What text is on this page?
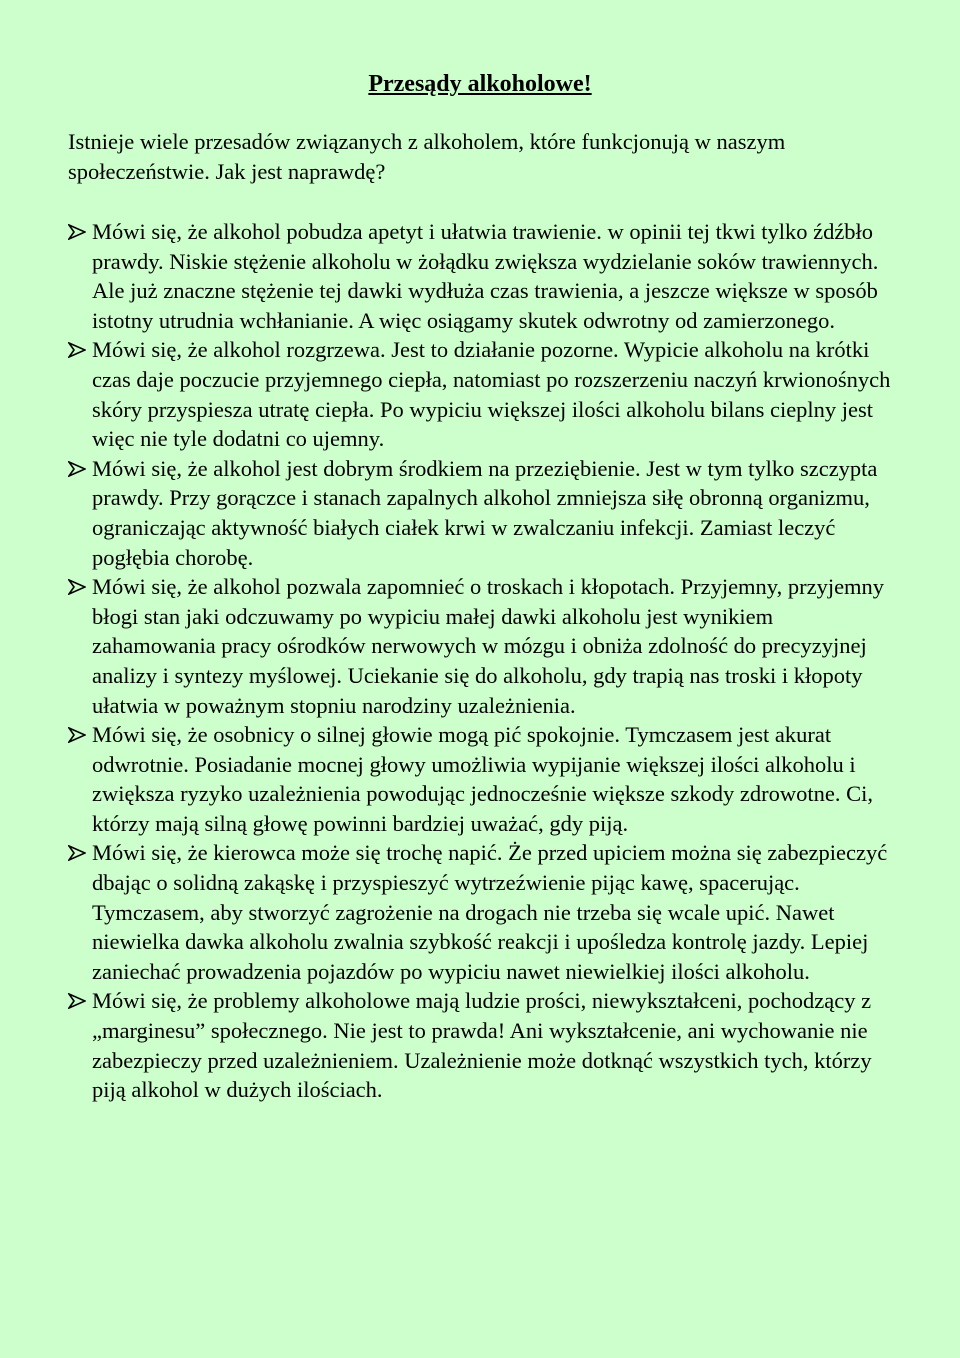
Przesądy alkoholowe!

Istnieje wiele przesadów związanych z alkoholem, które funkcjonują w naszym społeczeństwie. Jak jest naprawdę?

Mówi się, że alkohol pobudza apetyt i ułatwia trawienie. w opinii tej tkwi tylko źdźbło prawdy. Niskie stężenie alkoholu w żołądku zwiększa wydzielanie soków trawiennych. Ale już znaczne stężenie tej dawki wydłuża czas trawienia, a jeszcze większe w sposób istotny utrudnia wchłanianie. A więc osiągamy skutek odwrotny od zamierzonego.
Mówi się, że alkohol rozgrzewa. Jest to działanie pozorne. Wypicie alkoholu na krótki czas daje poczucie przyjemnego ciepła, natomiast po rozszerzeniu naczyń krwionośnych skóry przyspiesza utratę ciepła. Po wypiciu większej ilości alkoholu bilans cieplny jest więc nie tyle dodatni co ujemny.
Mówi się, że alkohol jest dobrym środkiem na przeziębienie. Jest w tym tylko szczypta prawdy. Przy gorączce i stanach zapalnych alkohol zmniejsza siłę obronną organizmu, ograniczając aktywność białych ciałek krwi w zwalczaniu infekcji. Zamiast leczyć pogłębia chorobę.
Mówi się, że alkohol pozwala zapomnieć o troskach i kłopotach. Przyjemny, przyjemny błogi stan jaki odczuwamy po wypiciu małej dawki alkoholu jest wynikiem zahamowania pracy ośrodków nerwowych w mózgu i obniża zdolność do precyzyjnej analizy i syntezy myślowej. Uciekanie się do alkoholu, gdy trapią nas troski i kłopoty ułatwia w poważnym stopniu narodziny uzależnienia.
Mówi się, że osobnicy o silnej głowie mogą pić spokojnie. Tymczasem jest akurat odwrotnie. Posiadanie mocnej głowy umożliwia wypijanie większej ilości alkoholu i zwiększa ryzyko uzależnienia powodując jednocześnie większe szkody zdrowotne. Ci, którzy mają silną głowę powinni bardziej uważać, gdy piją.
Mówi się, że kierowca może się trochę napić. Że przed upiciem można się zabezpieczyć dbając o solidną zakąskę i przyspieszyć wytrzeźwienie pijąc kawę, spacerując. Tymczasem, aby stworzyć zagrożenie na drogach nie trzeba się wcale upić. Nawet niewielka dawka alkoholu zwalnia szybkość reakcji i upośledza kontrolę jazdy. Lepiej zaniechać prowadzenia pojazdów po wypiciu nawet niewielkiej ilości alkoholu.
Mówi się, że problemy alkoholowe mają ludzie prości, niewykształceni, pochodzący z „marginesu” społecznego. Nie jest to prawda! Ani wykształcenie, ani wychowanie nie zabezpieczy przed uzależnieniem. Uzależnienie może dotknąć wszystkich tych, którzy piją alkohol w dużych ilościach.
